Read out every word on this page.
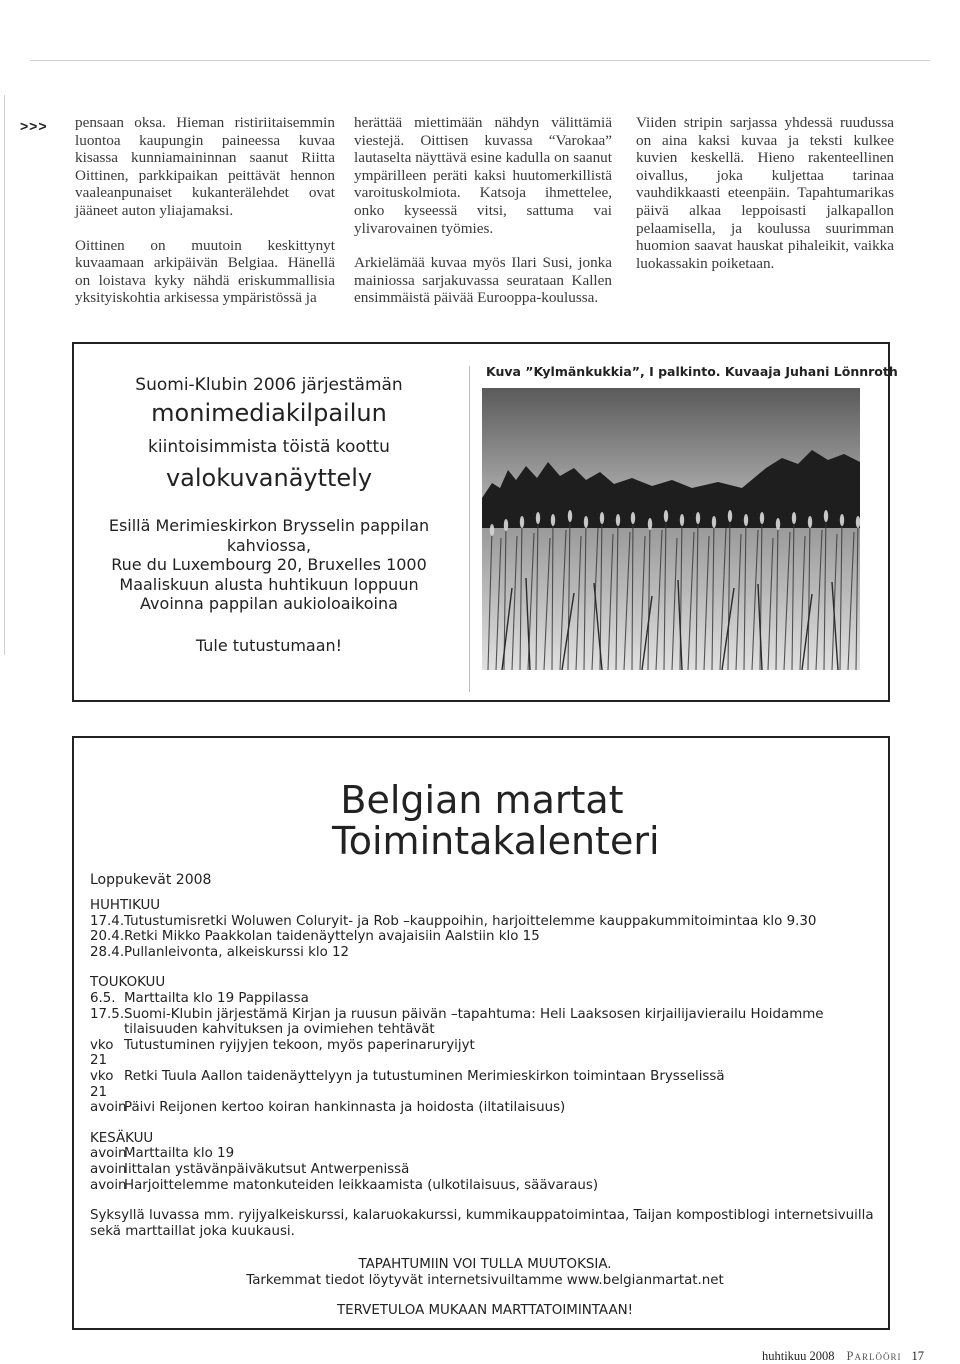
>>> pensaan oksa. Hieman ristiriitaisemmin luontoa kaupungin paineessa kuvaa kisassa kunniamaininnan saanut Riitta Oittinen, parkkipaikan peittävät hennon vaaleanpunaiset kukanterälehdet ovat jääneet auton yliajamaksi.

Oittinen on muutoin keskittynyt kuvaamaan arkipäivän Belgiaa. Hänellä on loistava kyky nähdä eriskummallisia yksityiskohtia arkisessa ympäristössä ja

herättää miettimään nähdyn välittämiä viestejä. Oittisen kuvassa “Varokaa” lautaselta näyttävä esine kadulla on saanut ympärilleen peräti kaksi huutomerkillistä varoituskolmiota. Katsoja ihmettelee, onko kyseessä vitsi, sattuma vai ylivarovainen työmies.

Arkielämää kuvaa myös Ilari Susi, jonka mainiossa sarjakuvassa seurataan Kallen ensimmäistä päivää Eurooppa-koulussa.

Viiden stripin sarjassa yhdessä ruudussa on aina kaksi kuvaa ja teksti kulkee kuvien keskellä. Hieno rakenteellinen oivallus, joka kuljettaa tarinaa vauhdikkaasti eteenpäin. Tapahtumarikas päivä alkaa leppoisasti jalkapallon pelaamisella, ja koulussa suurimman huomion saavat hauskat pihaleikit, vaikka luokassakin poiketaan.

Suomi-Klubin 2006 järjestämän
monimediakilpailun
kiintoisimmista töistä koottu
valokuvanäyttely
Esillä Merimieskirkon Brysselin pappilan
kahviossa,
Rue du Luxembourg 20, Bruxelles 1000
Maaliskuun alusta huhtikuun loppuun
Avoinna pappilan aukioloaikoina
Tule tutustumaan!
Kuva ”Kylmänkukkia”, I palkinto. Kuvaaja Juhani Lönnroth
Belgian martat
Toimintakalenteri
Loppukevät 2008
HUHTIKUU
17.4. Tutustumisretki Woluwen Coluryit- ja Rob –kauppoihin, harjoittelemme kauppakummitoimintaa klo 9.30
20.4. Retki Mikko Paakkolan taidenäyttelyn avajaisiin Aalstiin klo 15
28.4. Pullanleivonta, alkeiskurssi klo 12
TOUKOKUU
6.5. Marttailta klo 19 Pappilassa
17.5. Suomi-Klubin järjestämä Kirjan ja ruusun päivän –tapahtuma: Heli Laaksosen kirjailijavierailu Hoidamme tilaisuuden kahvituksen ja ovimiehen tehtävät
vko 21
Tutustuminen ryijyjen tekoon, myös paperinaruryijyt
vko 21
Retki Tuula Aallon taidenäyttelyyn ja tutustuminen Merimieskirkon toimintaan Brysselissä
avoin
Päivi Reijonen kertoo koiran hankinnasta ja hoidosta (iltatilaisuus)
KESÄKUU
avoin
Marttailta klo 19
avoin
Iittalan ystävänpäiväkutsut Antwerpenissä
avoin
Harjoittelemme matonkuteiden leikkaamista (ulkotilaisuus, säävaraus)
Syksyllä luvassa mm. ryijyalkeiskurssi, kalaruokakurssi, kummikauppatoimintaa, Taijan kompostiblogi internetsivuilla sekä marttaillat joka kuukausi.
TAPAHTUMIIN VOI TULLA MUUTOKSIA.
Tarkemmat tiedot löytyvät internetsivuiltamme www.belgianmartat.net
TERVETULOA MUKAAN MARTTATOIMINTAAN!
huhtikuu 2008 Parlööri 17
